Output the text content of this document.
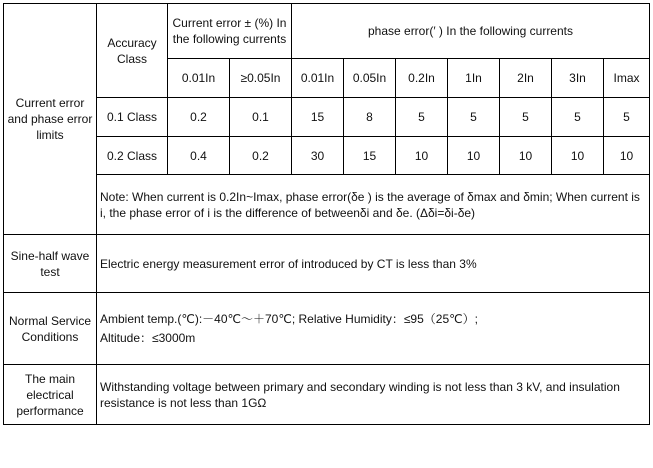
Current error and phase error limits	Accuracy Class	Current error ± (%) In the following currents		phase error(′ ) In the following currents						
		0.01In	≥0.05In	0.01In	0.05In	0.2In	1In	2In	3In	Imax
	0.1 Class	0.2	0.1	15	8	5	5	5	5	5
	0.2 Class	0.4	0.2	30	15	10	10	10	10	10
	Note: When current is 0.2In~Imax, phase error(δe ) is the average of δmax and δmin; When current is i, the phase error of i is the difference of betweenδi and δe. (Δδi=δi-δe)									
Sine-half wave test	Electric energy measurement error of introduced by CT is less than 3%									
Normal Service Conditions	Ambient temp.(℃):－40℃～＋70℃; Relative Humidity：≤95（25℃）;
Altitude：≤3000m									

The main electrical performance	Withstanding voltage between primary and secondary winding is not less than 3 kV, and insulation resistance is not less than 1GΩ									
